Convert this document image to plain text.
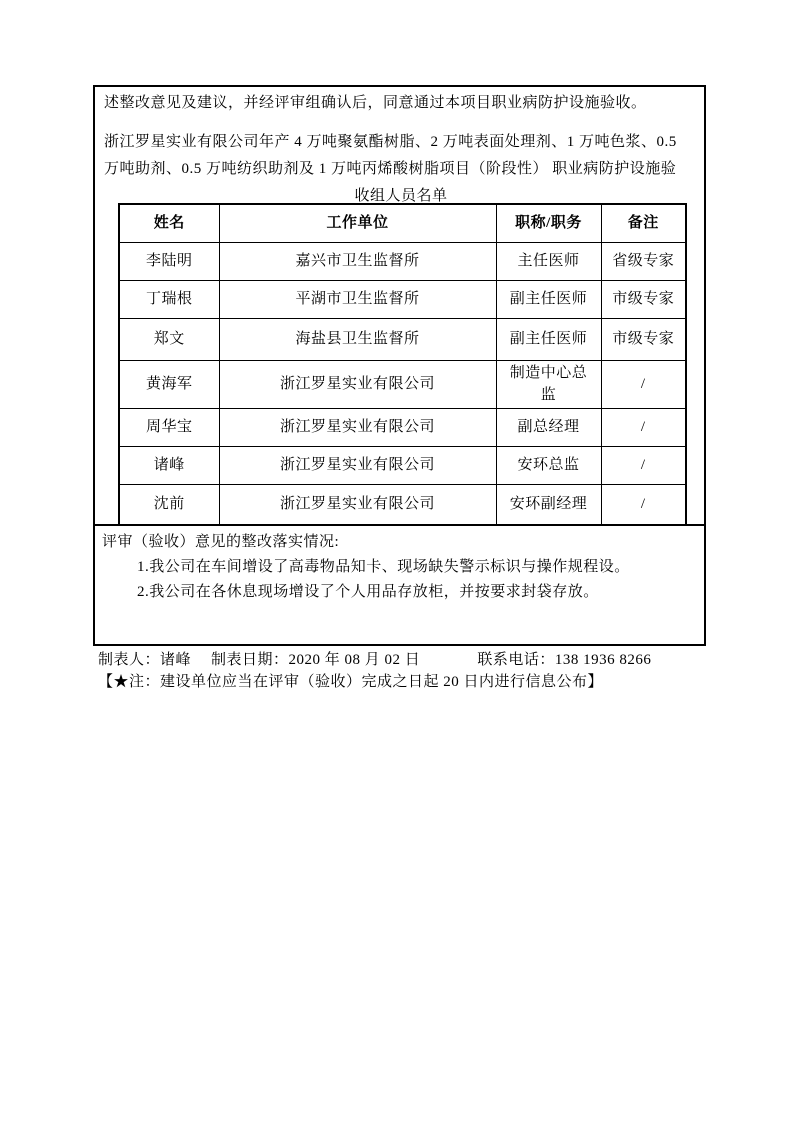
述整改意见及建议，并经评审组确认后，同意通过本项目职业病防护设施验收。

浙江罗星实业有限公司年产 4 万吨聚氨酯树脂、2 万吨表面处理剂、1 万吨色浆、0.5
万吨助剂、0.5 万吨纺织助剂及 1 万吨丙烯酸树脂项目（阶段性） 职业病防护设施验
收组人员名单
姓名	工作单位	职称/职务	备注
李陆明	嘉兴市卫生监督所	主任医师	省级专家
丁瑞根	平湖市卫生监督所	副主任医师	市级专家
郑文	海盐县卫生监督所	副主任医师	市级专家
黄海军	浙江罗星实业有限公司	制造中心总监	/
周华宝	浙江罗星实业有限公司	副总经理	/
诸峰	浙江罗星实业有限公司	安环总监	/
沈前	浙江罗星实业有限公司	安环副经理	/
评审（验收）意见的整改落实情况:
1.我公司在车间增设了高毒物品知卡、现场缺失警示标识与操作规程设。
2.我公司在各休息现场增设了个人用品存放柜，并按要求封袋存放。
制表人：诸峰 制表日期：2020 年 08 月 02 日	联系电话：138 1936 8266
【★注：建设单位应当在评审（验收）完成之日起 20 日内进行信息公布】
